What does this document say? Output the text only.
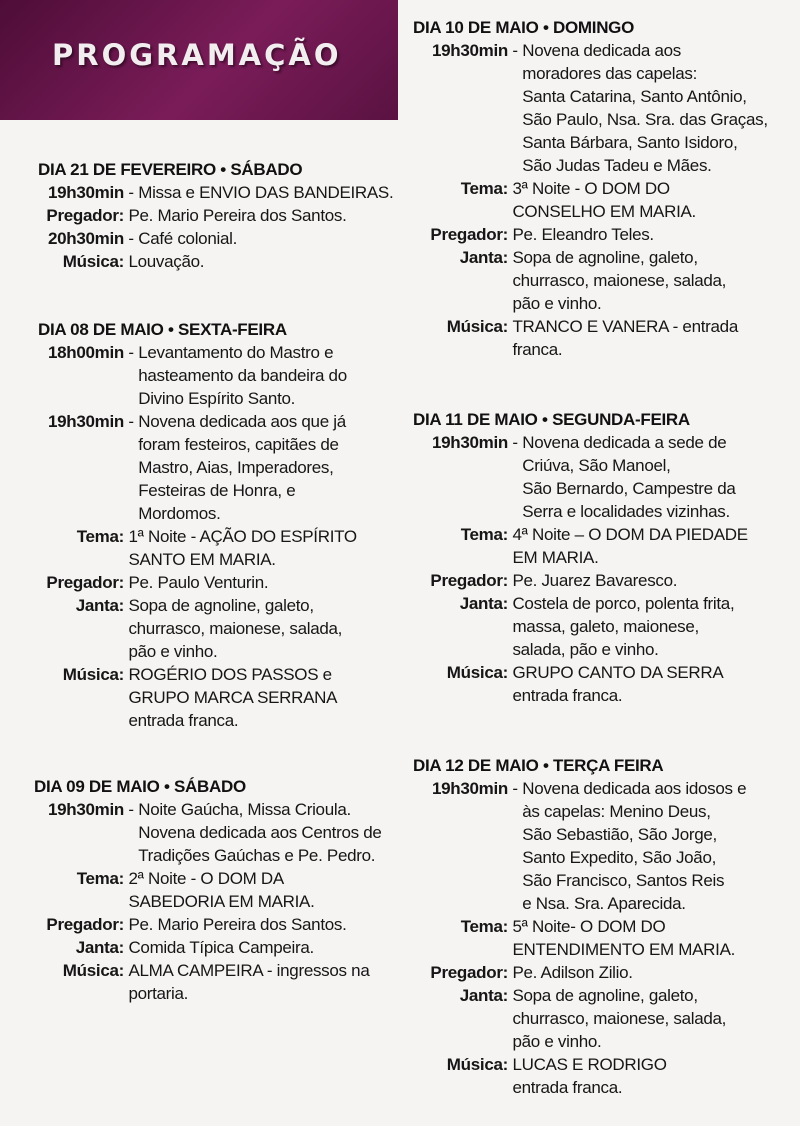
PROGRAMAÇÃO
DIA 21 DE FEVEREIRO • SÁBADO
19h30min - Missa e ENVIO DAS BANDEIRAS.
Pregador:
Pe. Mario Pereira dos Santos.
20h30min - Café colonial.
Música:
Louvação.
DIA 08 DE MAIO • SEXTA-FEIRA
18h00min - Levantamento do Mastro e
hasteamento da bandeira do
Divino Espírito Santo.
19h30min - Novena dedicada aos que já
foram festeiros, capitães de
Mastro, Aias, Imperadores,
Festeiras de Honra, e
Mordomos.
Tema:
1ª Noite - AÇÃO DO ESPÍRITO
SANTO EM MARIA.
Pregador:
Pe. Paulo Venturin.
Janta:
Sopa de agnoline, galeto,
churrasco, maionese, salada,
pão e vinho.
Música:
ROGÉRIO DOS PASSOS e
GRUPO MARCA SERRANA
entrada franca.
DIA 09 DE MAIO • SÁBADO
19h30min - Noite Gaúcha, Missa Crioula.
Novena dedicada aos Centros de
Tradições Gaúchas e Pe. Pedro.
Tema:
2ª Noite - O DOM DA
SABEDORIA EM MARIA.
Pregador:
Pe. Mario Pereira dos Santos.
Janta:
Comida Típica Campeira.
Música:
ALMA CAMPEIRA - ingressos na
portaria.
DIA 10 DE MAIO • DOMINGO
19h30min - Novena dedicada aos
moradores das capelas:
Santa Catarina, Santo Antônio,
São Paulo, Nsa. Sra. das Graças,
Santa Bárbara, Santo Isidoro,
São Judas Tadeu e Mães.
Tema:
3ª Noite - O DOM DO
CONSELHO EM MARIA.
Pregador:
Pe. Eleandro Teles.
Janta:
Sopa de agnoline, galeto,
churrasco, maionese, salada,
pão e vinho.
Música:
TRANCO E VANERA - entrada
franca.
DIA 11 DE MAIO • SEGUNDA-FEIRA
19h30min - Novena dedicada a sede de
Criúva, São Manoel,
São Bernardo, Campestre da
Serra e localidades vizinhas.
Tema:
4ª Noite – O DOM DA PIEDADE
EM MARIA.
Pregador:
Pe. Juarez Bavaresco.
Janta:
Costela de porco, polenta frita,
massa, galeto, maionese,
salada, pão e vinho.
Música:
GRUPO CANTO DA SERRA
entrada franca.
DIA 12 DE MAIO • TERÇA FEIRA
19h30min - Novena dedicada aos idosos e
às capelas: Menino Deus,
São Sebastião, São Jorge,
Santo Expedito, São João,
São Francisco, Santos Reis
e Nsa. Sra. Aparecida.
Tema:
5ª Noite- O DOM DO
ENTENDIMENTO EM MARIA.
Pregador:
Pe. Adilson Zilio.
Janta:
Sopa de agnoline, galeto,
churrasco, maionese, salada,
pão e vinho.
Música:
LUCAS E RODRIGO
entrada franca.
